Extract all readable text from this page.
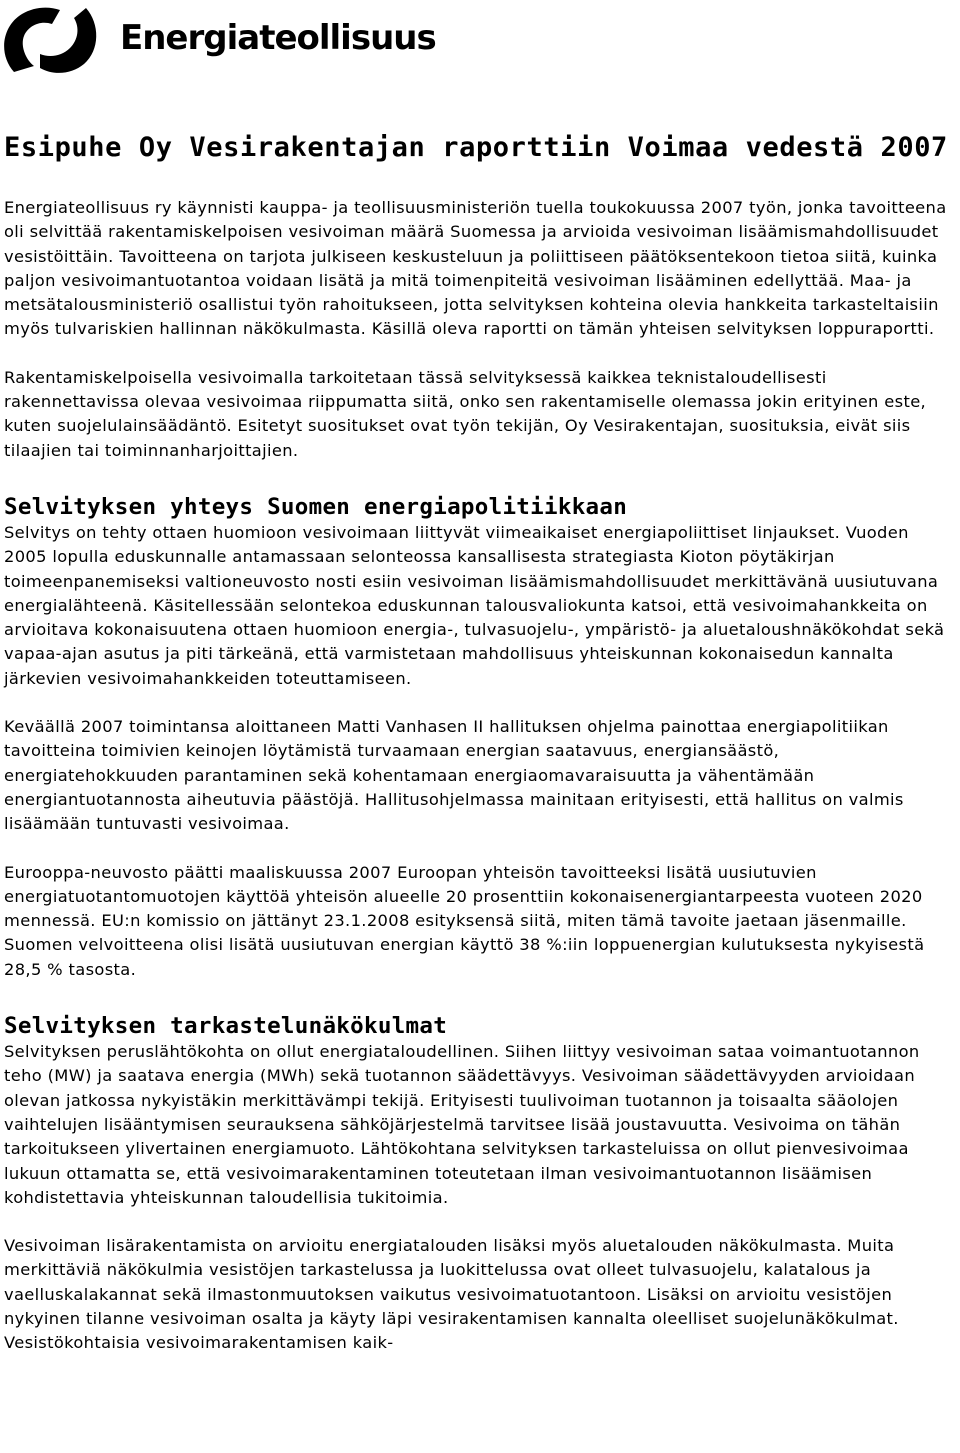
Energiateollisuus
Esipuhe Oy Vesirakentajan raporttiin Voimaa vedestä 2007

Energiateollisuus ry käynnisti kauppa- ja teollisuusministeriön tuella toukokuussa 2007 työn, jonka tavoitteena oli selvittää rakentamiskelpoisen vesivoiman määrä Suomessa ja arvioida vesivoiman lisäämismahdollisuudet vesistöittäin. Tavoitteena on tarjota julkiseen keskusteluun ja poliittiseen päätöksentekoon tietoa siitä, kuinka paljon vesivoimantuotantoa voidaan lisätä ja mitä toimenpiteitä vesivoiman lisääminen edellyttää. Maa- ja metsätalousministeriö osallistui työn rahoitukseen, jotta selvityksen kohteina olevia hankkeita tarkasteltaisiin myös tulvariskien hallinnan näkökulmasta. Käsillä oleva raportti on tämän yhteisen selvityksen loppuraportti.

Rakentamiskelpoisella vesivoimalla tarkoitetaan tässä selvityksessä kaikkea teknistaloudellisesti rakennettavissa olevaa vesivoimaa riippumatta siitä, onko sen rakentamiselle olemassa jokin erityinen este, kuten suojelulainsäädäntö. Esitetyt suositukset ovat työn tekijän, Oy Vesirakentajan, suosituksia, eivät siis tilaajien tai toiminnanharjoittajien.

Selvityksen yhteys Suomen energiapolitiikkaan

Selvitys on tehty ottaen huomioon vesivoimaan liittyvät viimeaikaiset energiapoliittiset linjaukset. Vuoden 2005 lopulla eduskunnalle antamassaan selonteossa kansallisesta strategiasta Kioton pöytäkirjan toimeenpanemiseksi valtioneuvosto nosti esiin vesivoiman lisäämismahdollisuudet merkittävänä uusiutuvana energialähteenä. Käsitellessään selontekoa eduskunnan talousvaliokunta katsoi, että vesivoimahankkeita on arvioitava kokonaisuutena ottaen huomioon energia-, tulvasuojelu-, ympäristö- ja aluetaloushnäkökohdat sekä vapaa-ajan asutus ja piti tärkeänä, että varmistetaan mahdollisuus yhteiskunnan kokonaisedun kannalta järkevien vesivoimahankkeiden toteuttamiseen.

Keväällä 2007 toimintansa aloittaneen Matti Vanhasen II hallituksen ohjelma painottaa energiapolitiikan tavoitteina toimivien keinojen löytämistä turvaamaan energian saatavuus, energiansäästö, energiatehokkuuden parantaminen sekä kohentamaan energiaomavaraisuutta ja vähentämään energiantuotannosta aiheutuvia päästöjä. Hallitusohjelmassa mainitaan erityisesti, että hallitus on valmis lisäämään tuntuvasti vesivoimaa.

Eurooppa-neuvosto päätti maaliskuussa 2007 Euroopan yhteisön tavoitteeksi lisätä uusiutuvien energiatuotantomuotojen käyttöä yhteisön alueelle 20 prosenttiin kokonaisenergiantarpeesta vuoteen 2020 mennessä. EU:n komissio on jättänyt 23.1.2008 esityksensä siitä, miten tämä tavoite jaetaan jäsenmaille. Suomen velvoitteena olisi lisätä uusiutuvan energian käyttö 38 %:iin loppuenergian kulutuksesta nykyisestä 28,5 % tasosta.

Selvityksen tarkastelunäkökulmat

Selvityksen peruslähtökohta on ollut energiataloudellinen. Siihen liittyy vesivoiman sataa voimantuotannon teho (MW) ja saatava energia (MWh) sekä tuotannon säädettävyys. Vesivoiman säädettävyyden arvioidaan olevan jatkossa nykyistäkin merkittävämpi tekijä. Erityisesti tuulivoiman tuotannon ja toisaalta sääolojen vaihtelujen lisääntymisen seurauksena sähköjärjestelmä tarvitsee lisää joustavuutta. Vesivoima on tähän tarkoitukseen ylivertainen energiamuoto. Lähtökohtana selvityksen tarkasteluissa on ollut pienvesivoimaa lukuun ottamatta se, että vesivoimarakentaminen toteutetaan ilman vesivoimantuotannon lisäämisen kohdistettavia yhteiskunnan taloudellisia tukitoimia.

Vesivoiman lisärakentamista on arvioitu energiatalouden lisäksi myös aluetalouden näkökulmasta. Muita merkittäviä näkökulmia vesistöjen tarkastelussa ja luokittelussa ovat olleet tulvasuojelu, kalatalous ja vaelluskalakannat sekä ilmastonmuutoksen vaikutus vesivoimatuotantoon. Lisäksi on arvioitu vesistöjen nykyinen tilanne vesivoiman osalta ja käyty läpi vesirakentamisen kannalta oleelliset suojelunäkökulmat. Vesistökohtaisia vesivoimarakentamisen kaik-
